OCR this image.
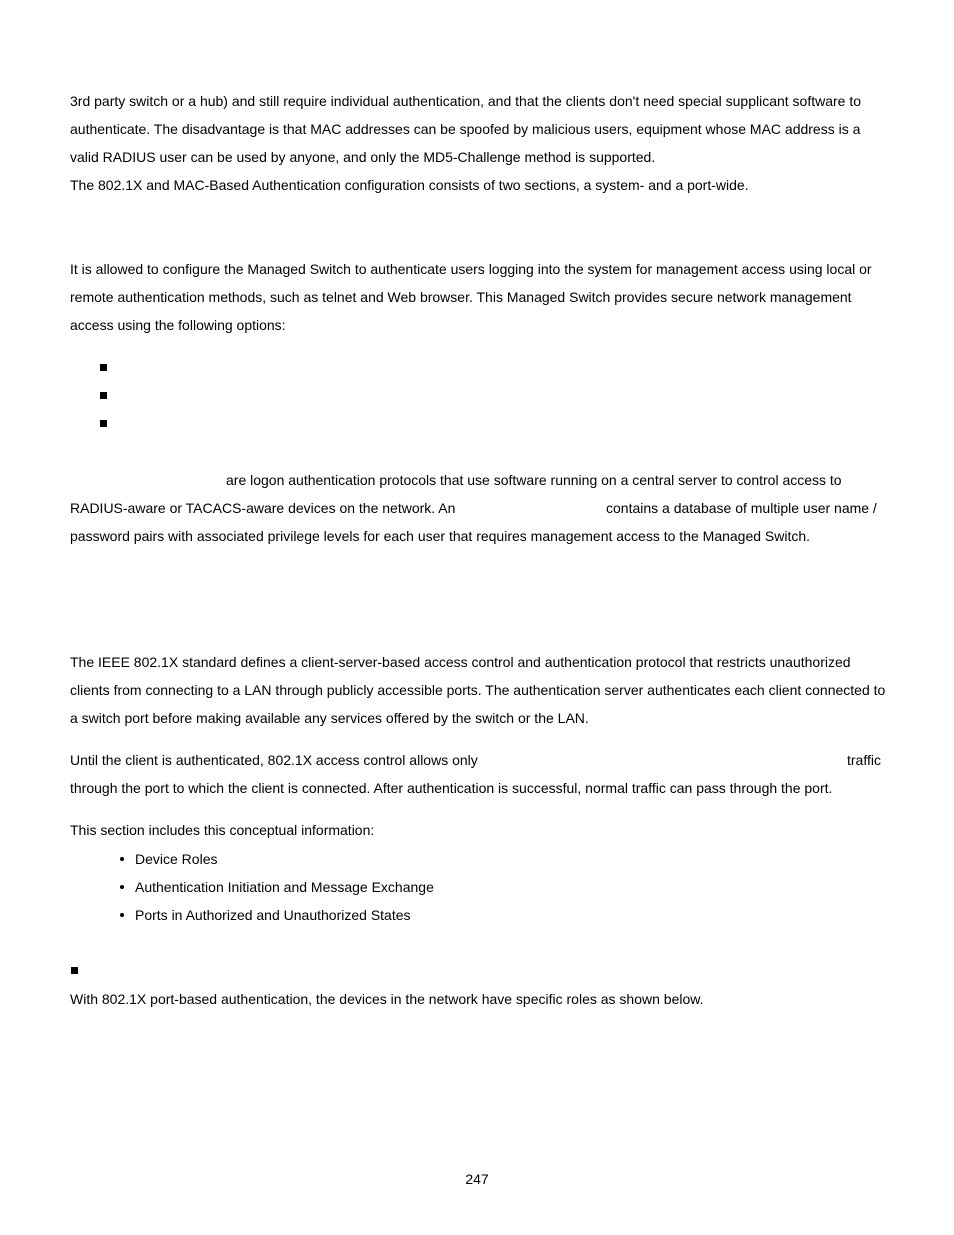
3rd party switch or a hub) and still require individual authentication, and that the clients don't need special supplicant software to
authenticate. The disadvantage is that MAC addresses can be spoofed by malicious users, equipment whose MAC address is a
valid RADIUS user can be used by anyone, and only the MD5-Challenge method is supported.
The 802.1X and MAC-Based Authentication configuration consists of two sections, a system- and a port-wide.
It is allowed to configure the Managed Switch to authenticate users logging into the system for management access using local or
remote authentication methods, such as telnet and Web browser. This Managed Switch provides secure network management
access using the following options:
are logon authentication protocols that use software running on a central server to control access to
RADIUS-aware or TACACS-aware devices on the network. An	contains a database of multiple user name /
password pairs with associated privilege levels for each user that requires management access to the Managed Switch.
The IEEE 802.1X standard defines a client-server-based access control and authentication protocol that restricts unauthorized
clients from connecting to a LAN through publicly accessible ports. The authentication server authenticates each client connected to
a switch port before making available any services offered by the switch or the LAN.
Until the client is authenticated, 802.1X access control allows only	traffic
through the port to which the client is connected. After authentication is successful, normal traffic can pass through the port.
This section includes this conceptual information:
Device Roles
Authentication Initiation and Message Exchange
Ports in Authorized and Unauthorized States
With 802.1X port-based authentication, the devices in the network have specific roles as shown below.
247
